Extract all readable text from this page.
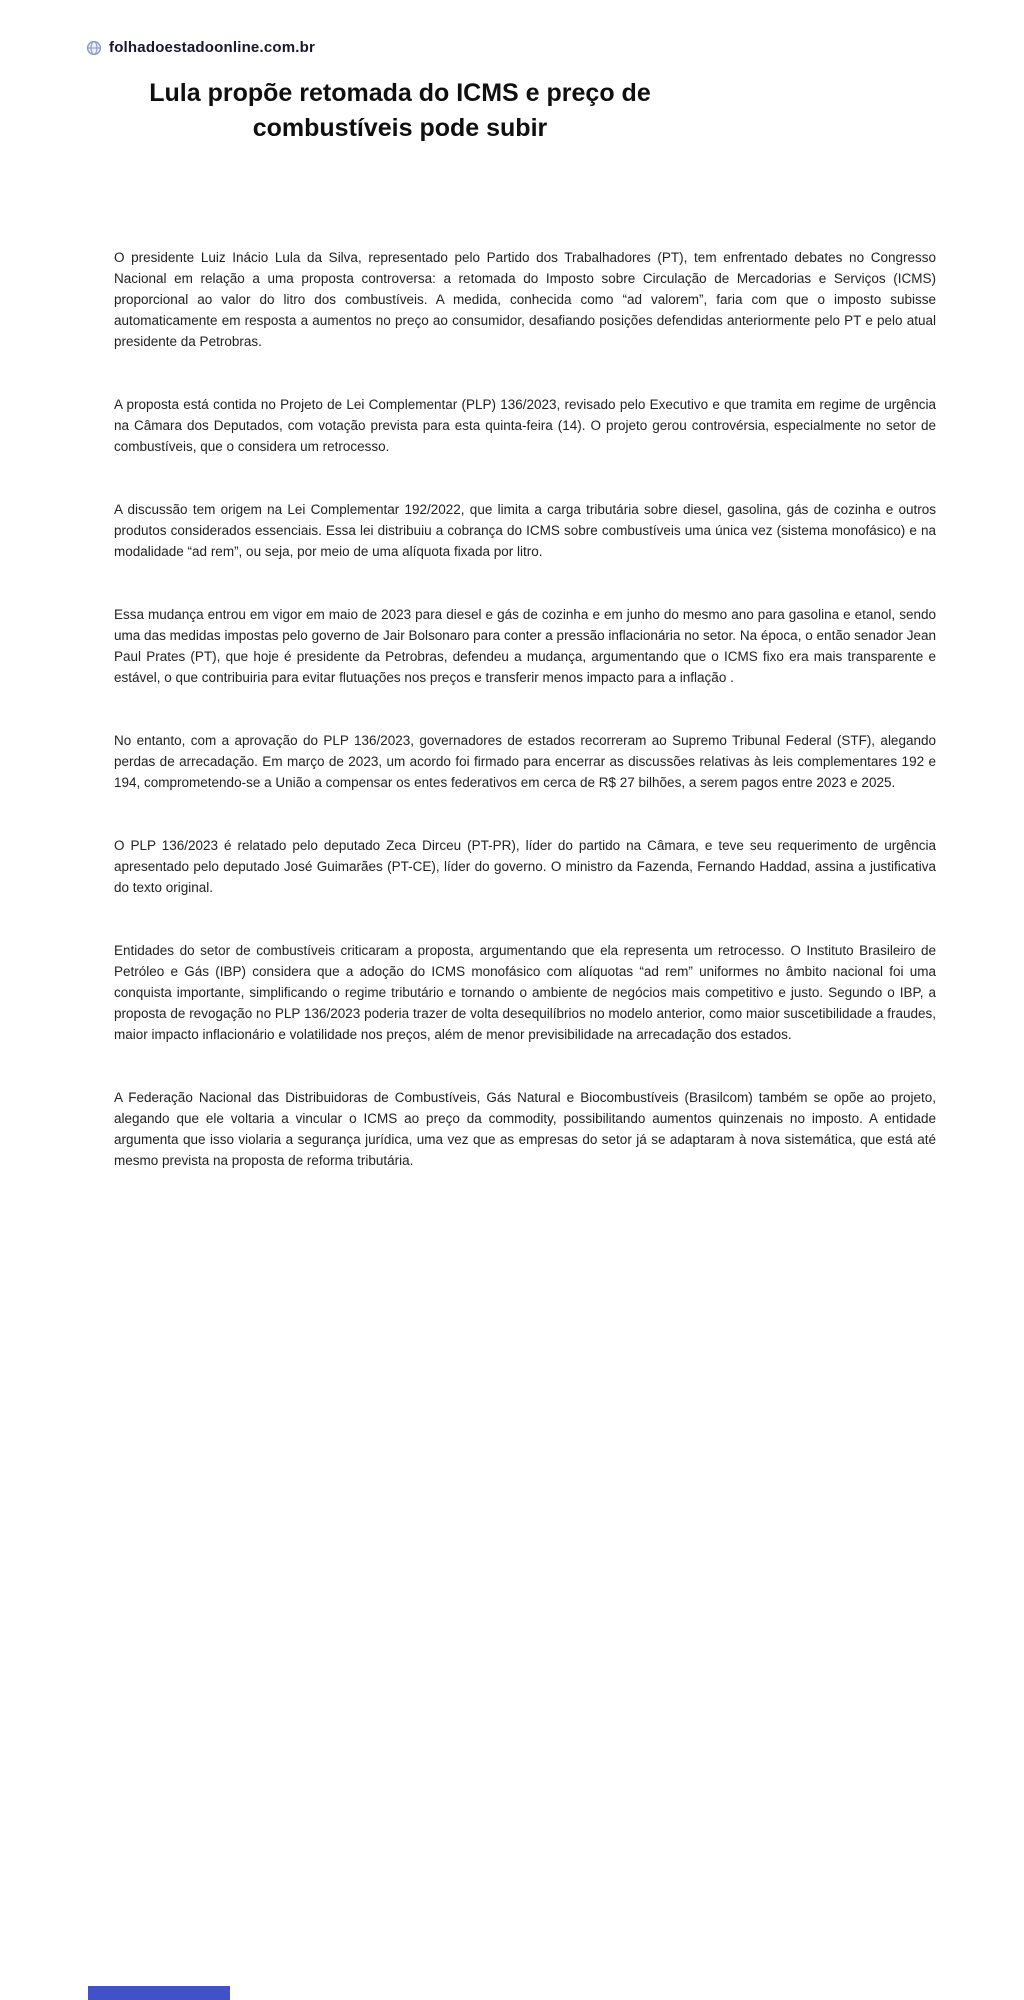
folhadoestadoonline.com.br
Lula propõe retomada do ICMS e preço de combustíveis pode subir

O presidente Luiz Inácio Lula da Silva, representado pelo Partido dos Trabalhadores (PT), tem enfrentado debates no Congresso Nacional em relação a uma proposta controversa: a retomada do Imposto sobre Circulação de Mercadorias e Serviços (ICMS) proporcional ao valor do litro dos combustíveis. A medida, conhecida como “ad valorem”, faria com que o imposto subisse automaticamente em resposta a aumentos no preço ao consumidor, desafiando posições defendidas anteriormente pelo PT e pelo atual presidente da Petrobras.

A proposta está contida no Projeto de Lei Complementar (PLP) 136/2023, revisado pelo Executivo e que tramita em regime de urgência na Câmara dos Deputados, com votação prevista para esta quinta-feira (14). O projeto gerou controvérsia, especialmente no setor de combustíveis, que o considera um retrocesso.

A discussão tem origem na Lei Complementar 192/2022, que limita a carga tributária sobre diesel, gasolina, gás de cozinha e outros produtos considerados essenciais. Essa lei distribuiu a cobrança do ICMS sobre combustíveis uma única vez (sistema monofásico) e na modalidade “ad rem”, ou seja, por meio de uma alíquota fixada por litro.

Essa mudança entrou em vigor em maio de 2023 para diesel e gás de cozinha e em junho do mesmo ano para gasolina e etanol, sendo uma das medidas impostas pelo governo de Jair Bolsonaro para conter a pressão inflacionária no setor. Na época, o então senador Jean Paul Prates (PT), que hoje é presidente da Petrobras, defendeu a mudança, argumentando que o ICMS fixo era mais transparente e estável, o que contribuiria para evitar flutuações nos preços e transferir menos impacto para a inflação .

No entanto, com a aprovação do PLP 136/2023, governadores de estados recorreram ao Supremo Tribunal Federal (STF), alegando perdas de arrecadação. Em março de 2023, um acordo foi firmado para encerrar as discussões relativas às leis complementares 192 e 194, comprometendo-se a União a compensar os entes federativos em cerca de R$ 27 bilhões, a serem pagos entre 2023 e 2025.

O PLP 136/2023 é relatado pelo deputado Zeca Dirceu (PT-PR), líder do partido na Câmara, e teve seu requerimento de urgência apresentado pelo deputado José Guimarães (PT-CE), líder do governo. O ministro da Fazenda, Fernando Haddad, assina a justificativa do texto original.

Entidades do setor de combustíveis criticaram a proposta, argumentando que ela representa um retrocesso. O Instituto Brasileiro de Petróleo e Gás (IBP) considera que a adoção do ICMS monofásico com alíquotas “ad rem” uniformes no âmbito nacional foi uma conquista importante, simplificando o regime tributário e tornando o ambiente de negócios mais competitivo e justo. Segundo o IBP, a proposta de revogação no PLP 136/2023 poderia trazer de volta desequilíbrios no modelo anterior, como maior suscetibilidade a fraudes, maior impacto inflacionário e volatilidade nos preços, além de menor previsibilidade na arrecadação dos estados.

A Federação Nacional das Distribuidoras de Combustíveis, Gás Natural e Biocombustíveis (Brasilcom) também se opõe ao projeto, alegando que ele voltaria a vincular o ICMS ao preço da commodity, possibilitando aumentos quinzenais no imposto. A entidade argumenta que isso violaria a segurança jurídica, uma vez que as empresas do setor já se adaptaram à nova sistemática, que está até mesmo prevista na proposta de reforma tributária.
